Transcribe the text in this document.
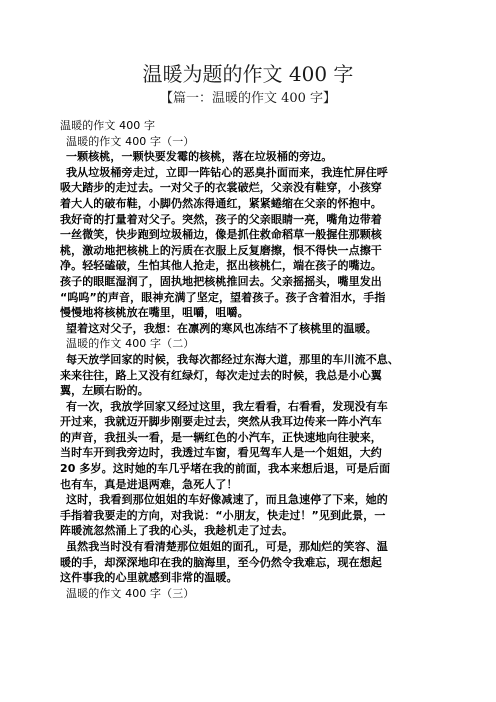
温暖为题的作文 400 字
【篇一：温暖的作文 400 字】
温暖的作文 400 字
温暖的作文 400 字（一）
一颗核桃，一颗快要发霉的核桃，落在垃圾桶的旁边。
我从垃圾桶旁走过，立即一阵钻心的恶臭扑面而来，我连忙屏住呼
吸大踏步的走过去。一对父子的衣裳破烂，父亲没有鞋穿，小孩穿
着大人的破布鞋，小脚仍然冻得通红，紧紧蜷缩在父亲的怀抱中。
我好奇的打量着对父子。突然，孩子的父亲眼睛一亮，嘴角边带着
一丝微笑，快步跑到垃圾桶边，像是抓住救命稻草一般握住那颗核
桃，激动地把核桃上的污质在衣服上反复磨擦，恨不得快一点擦干
净。轻轻磕破，生怕其他人抢走，抠出核桃仁，端在孩子的嘴边。
孩子的眼眶湿润了，固执地把核桃推回去。父亲摇摇头，嘴里发出
“呜呜”的声音，眼神充满了坚定，望着孩子。孩子含着泪水，手指
慢慢地将核桃放在嘴里，咀嚼，咀嚼。
望着这对父子，我想：在凛冽的寒风也冻结不了核桃里的温暖。
温暖的作文 400 字（二）
每天放学回家的时候，我每次都经过东海大道，那里的车川流不息、
来来往往，路上又没有红绿灯，每次走过去的时候，我总是小心翼
翼，左顾右盼的。
有一次，我放学回家又经过这里，我左看看，右看看，发现没有车
开过来，我就迈开脚步刚要走过去，突然从我耳边传来一阵小汽车
的声音，我扭头一看，是一辆红色的小汽车，正快速地向往驶来，
当时车开到我旁边时，我透过车窗，看见驾车人是一个姐姐，大约
20 多岁。这时她的车几乎堵在我的前面，我本来想后退，可是后面
也有车，真是进退两难，急死人了！
这时，我看到那位姐姐的车好像减速了，而且急速停了下来，她的
手指着我要走的方向，对我说：“小朋友，快走过！”见到此景，一
阵暖流忽然涌上了我的心头，我趁机走了过去。
虽然我当时没有看清楚那位姐姐的面孔，可是，那灿烂的笑容、温
暖的手，却深深地印在我的脑海里，至今仍然令我难忘，现在想起
这件事我的心里就感到非常的温暖。
温暖的作文 400 字（三）
